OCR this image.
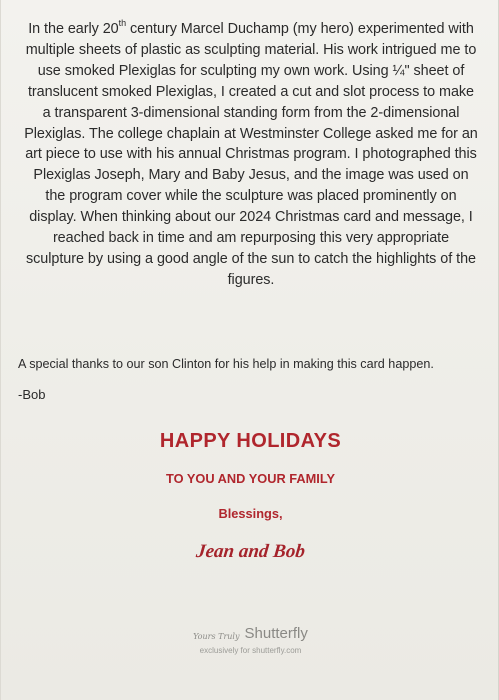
In the early 20th century Marcel Duchamp (my hero) experimented with multiple sheets of plastic as sculpting material. His work intrigued me to use smoked Plexiglas for sculpting my own work. Using ¼" sheet of translucent smoked Plexiglas, I created a cut and slot process to make a transparent 3-dimensional standing form from the 2-dimensional Plexiglas. The college chaplain at Westminster College asked me for an art piece to use with his annual Christmas program. I photographed this Plexiglas Joseph, Mary and Baby Jesus, and the image was used on the program cover while the sculpture was placed prominently on display. When thinking about our 2024 Christmas card and message, I reached back in time and am repurposing this very appropriate sculpture by using a good angle of the sun to catch the highlights of the figures.
A special thanks to our son Clinton for his help in making this card happen.
-Bob
HAPPY HOLIDAYS
TO YOU AND YOUR FAMILY
Blessings,
Jean and Bob
Yours Truly Shutterfly
exclusively for shutterfly.com
